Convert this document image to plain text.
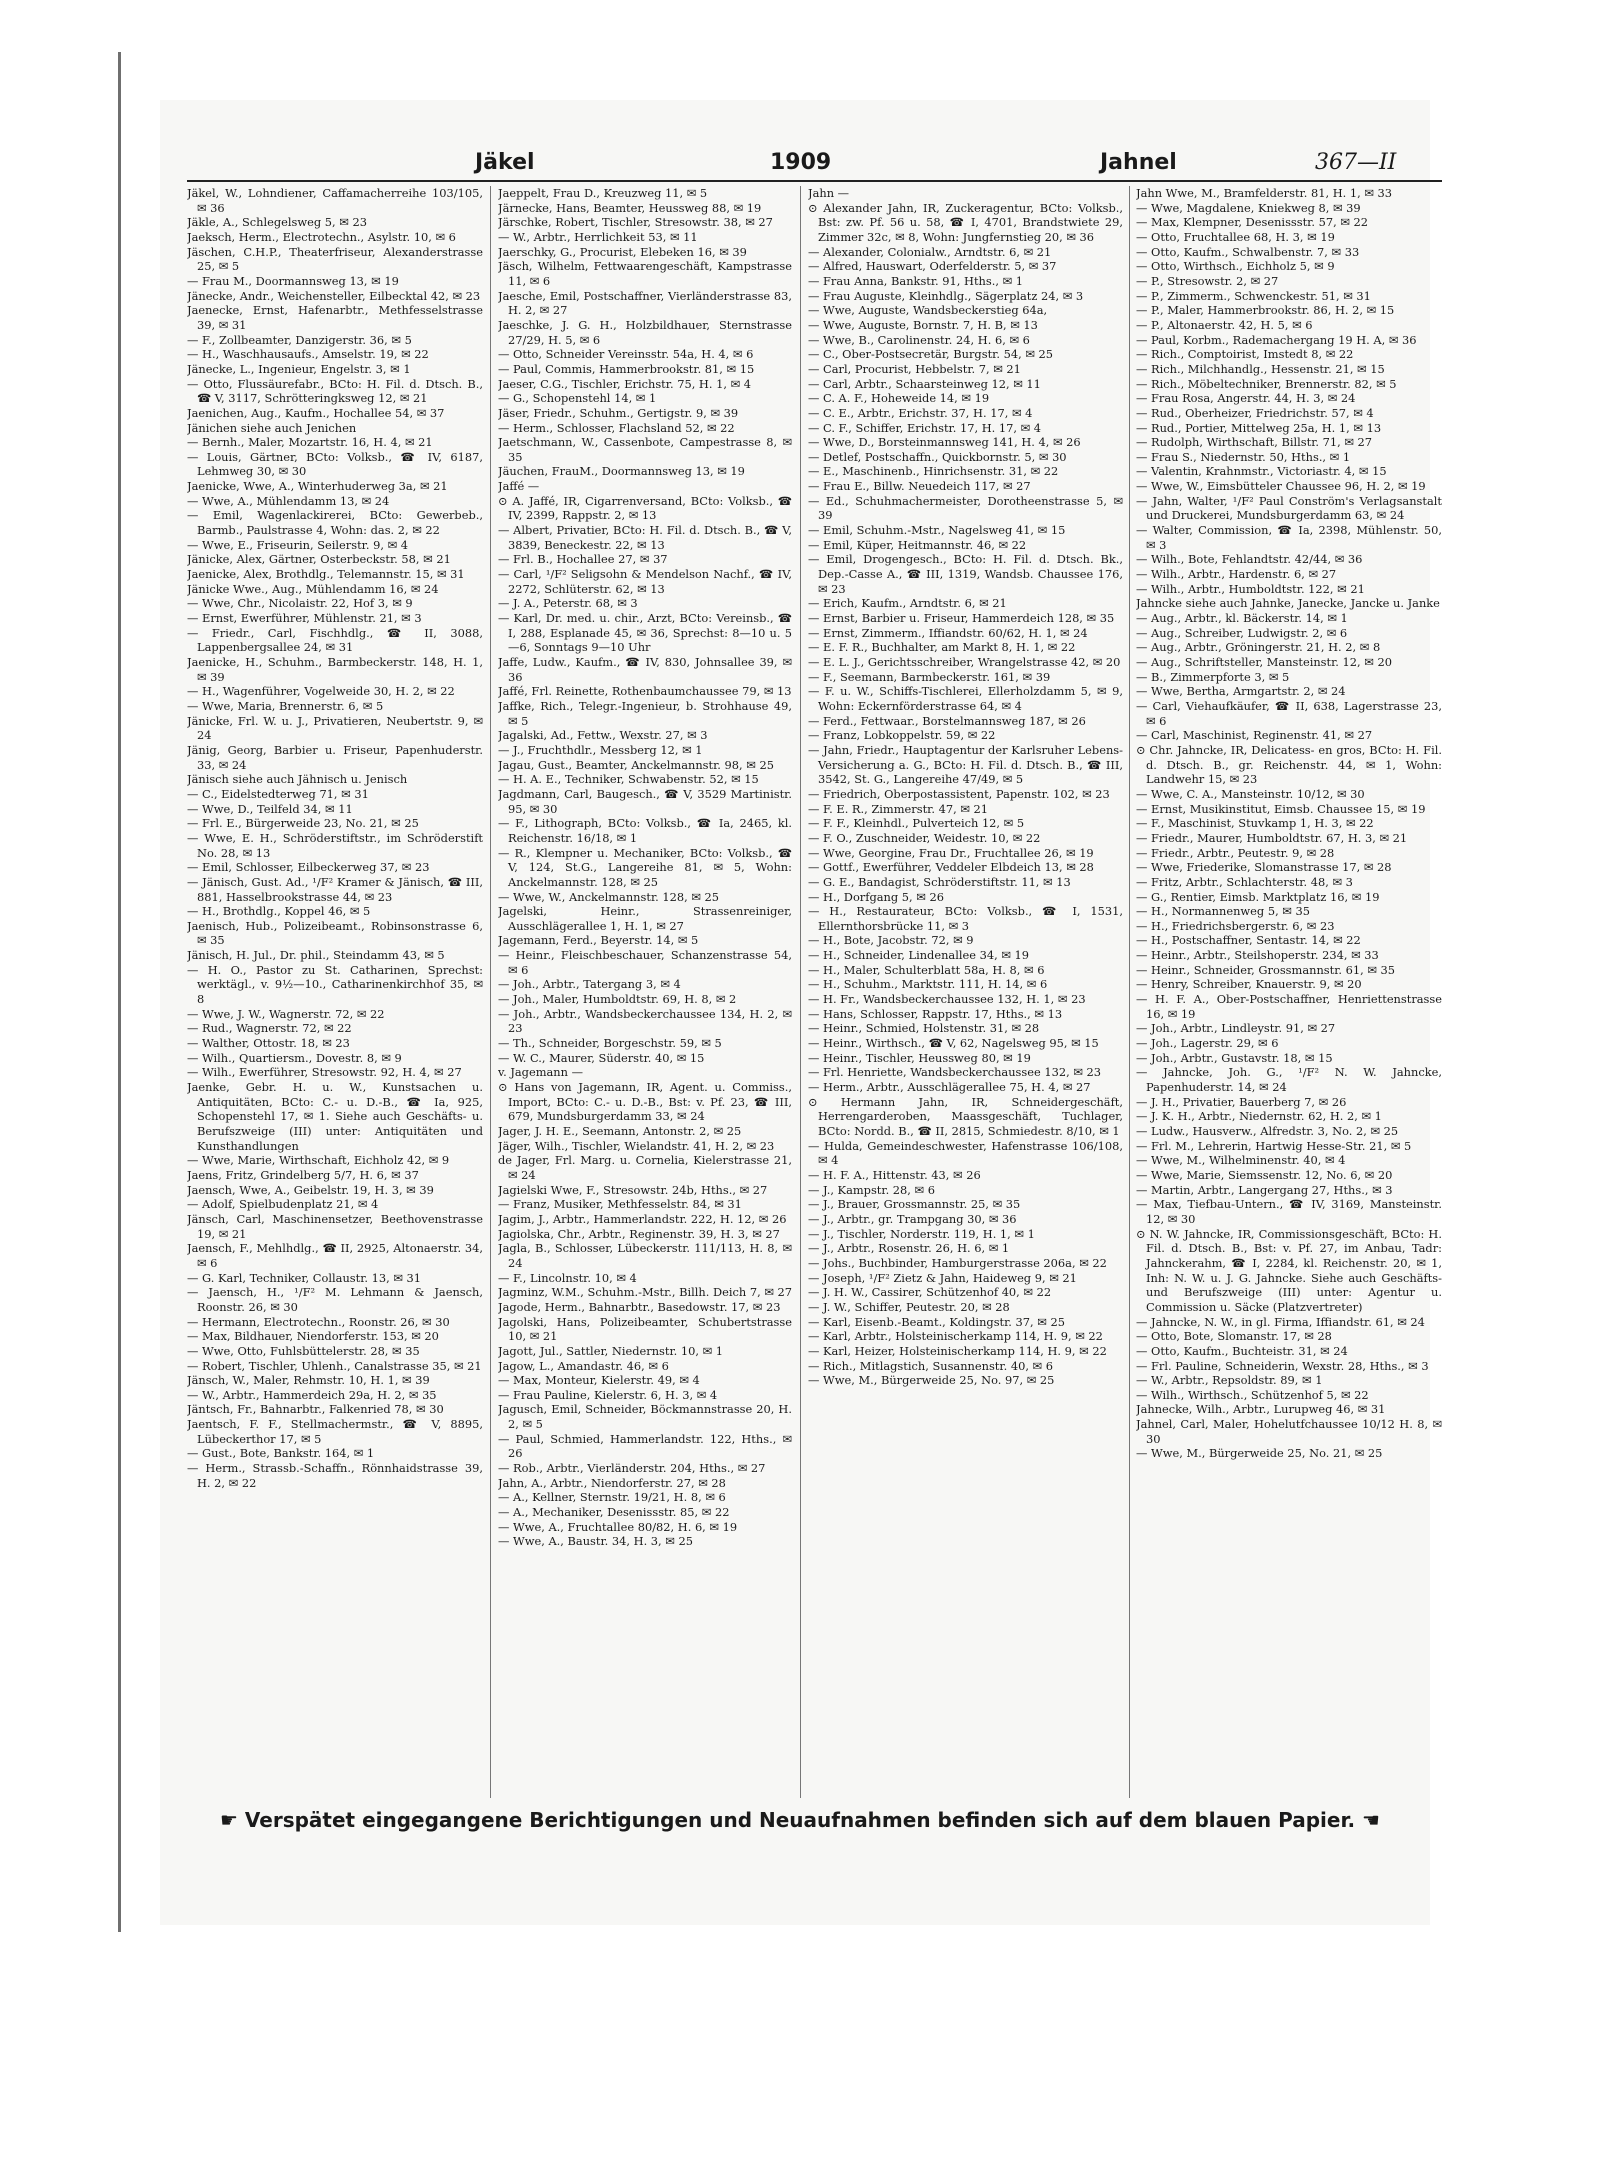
Jäkel	1909	Jahnel	367—II
Jäkel, W., Lohndiener, Caffamacherreihe 103/105, ✉ 36
Jäkle, A., Schlegelsweg 5, ✉ 23
Jaeksch, Herm., Electrotechn., Asylstr. 10, ✉ 6
Jäschen, C.H.P., Theaterfriseur, Alexanderstrasse 25, ✉ 5
— Frau M., Doormannsweg 13, ✉ 19
Jänecke, Andr., Weichensteller, Eilbecktal 42, ✉ 23
Jaenecke, Ernst, Hafenarbtr., Methfesselstrasse 39, ✉ 31
— F., Zollbeamter, Danzigerstr. 36, ✉ 5
— H., Waschhausaufs., Amselstr. 19, ✉ 22
Jänecke, L., Ingenieur, Engelstr. 3, ✉ 1
— Otto, Flussäurefabr., BCto: H. Fil. d. Dtsch. B., ☎ V, 3117, Schrötteringksweg 12, ✉ 21
Jaenichen, Aug., Kaufm., Hochallee 54, ✉ 37
Jänichen siehe auch Jenichen
— Bernh., Maler, Mozartstr. 16, H. 4, ✉ 21
— Louis, Gärtner, BCto: Volksb., ☎ IV, 6187, Lehmweg 30, ✉ 30
Jaenicke, Wwe, A., Winterhuderweg 3a, ✉ 21
— Wwe, A., Mühlendamm 13, ✉ 24
— Emil, Wagenlackirerei, BCto: Gewerbeb., Barmb., Paulstrasse 4, Wohn: das. 2, ✉ 22
— Wwe, E., Friseurin, Seilerstr. 9, ✉ 4
Jänicke, Alex, Gärtner, Osterbeckstr. 58, ✉ 21
Jaenicke, Alex, Brothdlg., Telemannstr. 15, ✉ 31
Jänicke Wwe., Aug., Mühlendamm 16, ✉ 24
— Wwe, Chr., Nicolaistr. 22, Hof 3, ✉ 9
— Ernst, Ewerführer, Mühlenstr. 21, ✉ 3
— Friedr., Carl, Fischhdlg., ☎ II, 3088, Lappenbergsallee 24, ✉ 31
Jaenicke, H., Schuhm., Barmbeckerstr. 148, H. 1, ✉ 39
— H., Wagenführer, Vogelweide 30, H. 2, ✉ 22
— Wwe, Maria, Brennerstr. 6, ✉ 5
Jänicke, Frl. W. u. J., Privatieren, Neubertstr. 9, ✉ 24
Jänig, Georg, Barbier u. Friseur, Papenhuderstr. 33, ✉ 24
Jänisch siehe auch Jähnisch u. Jenisch
— C., Eidelstedterweg 71, ✉ 31
— Wwe, D., Teilfeld 34, ✉ 11
— Frl. E., Bürgerweide 23, No. 21, ✉ 25
— Wwe, E. H., Schröderstiftstr., im Schröderstift No. 28, ✉ 13
— Emil, Schlosser, Eilbeckerweg 37, ✉ 23
— Jänisch, Gust. Ad., ¹/F² Kramer & Jänisch, ☎ III, 881, Hasselbrookstrasse 44, ✉ 23
— H., Brothdlg., Koppel 46, ✉ 5
Jaenisch, Hub., Polizeibeamt., Robinsonstrasse 6, ✉ 35
Jänisch, H. Jul., Dr. phil., Steindamm 43, ✉ 5
— H. O., Pastor zu St. Catharinen, Sprechst: werktägl., v. 9½—10., Catharinenkirchhof 35, ✉ 8
— Wwe, J. W., Wagnerstr. 72, ✉ 22
— Rud., Wagnerstr. 72, ✉ 22
— Walther, Ottostr. 18, ✉ 23
— Wilh., Quartiersm., Dovestr. 8, ✉ 9
— Wilh., Ewerführer, Stresowstr. 92, H. 4, ✉ 27
Jaenke, Gebr. H. u. W., Kunstsachen u. Antiquitäten, BCto: C.- u. D.-B., ☎ Ia, 925, Schopenstehl 17, ✉ 1. Siehe auch Geschäfts- u. Berufszweige (III) unter: Antiquitäten und Kunsthandlungen
— Wwe, Marie, Wirthschaft, Eichholz 42, ✉ 9
Jaens, Fritz, Grindelberg 5/7, H. 6, ✉ 37
Jaensch, Wwe, A., Geibelstr. 19, H. 3, ✉ 39
— Adolf, Spielbudenplatz 21, ✉ 4
Jänsch, Carl, Maschinensetzer, Beethovenstrasse 19, ✉ 21
Jaensch, F., Mehlhdlg., ☎ II, 2925, Altonaerstr. 34, ✉ 6
— G. Karl, Techniker, Collaustr. 13, ✉ 31
— Jaensch, H., ¹/F² M. Lehmann & Jaensch, Roonstr. 26, ✉ 30
— Hermann, Electrotechn., Roonstr. 26, ✉ 30
— Max, Bildhauer, Niendorferstr. 153, ✉ 20
— Wwe, Otto, Fuhlsbüttelerstr. 28, ✉ 35
— Robert, Tischler, Uhlenh., Canalstrasse 35, ✉ 21
Jänsch, W., Maler, Rehmstr. 10, H. 1, ✉ 39
— W., Arbtr., Hammerdeich 29a, H. 2, ✉ 35
Jäntsch, Fr., Bahnarbtr., Falkenried 78, ✉ 30
Jaentsch, F. F., Stellmachermstr., ☎ V, 8895, Lübeckerthor 17, ✉ 5
— Gust., Bote, Bankstr. 164, ✉ 1
— Herm., Strassb.-Schaffn., Rönnhaidstrasse 39, H. 2, ✉ 22
Jaeppelt, Frau D., Kreuzweg 11, ✉ 5
Järnecke, Hans, Beamter, Heussweg 88, ✉ 19
Järschke, Robert, Tischler, Stresowstr. 38, ✉ 27
— W., Arbtr., Herrlichkeit 53, ✉ 11
Jaerschky, G., Procurist, Elebeken 16, ✉ 39
Jäsch, Wilhelm, Fettwaarengeschäft, Kampstrasse 11, ✉ 6
Jaesche, Emil, Postschaffner, Vierländerstrasse 83, H. 2, ✉ 27
Jaeschke, J. G. H., Holzbildhauer, Sternstrasse 27/29, H. 5, ✉ 6
— Otto, Schneider Vereinsstr. 54a, H. 4, ✉ 6
— Paul, Commis, Hammerbrookstr. 81, ✉ 15
Jaeser, C.G., Tischler, Erichstr. 75, H. 1, ✉ 4
— G., Schopenstehl 14, ✉ 1
Jäser, Friedr., Schuhm., Gertigstr. 9, ✉ 39
— Herm., Schlosser, Flachsland 52, ✉ 22
Jaetschmann, W., Cassenbote, Campestrasse 8, ✉ 35
Jäuchen, FrauM., Doormannsweg 13, ✉ 19
Jaffé —
⊙ A. Jaffé, IR, Cigarrenversand, BCto: Volksb., ☎ IV, 2399, Rappstr. 2, ✉ 13
— Albert, Privatier, BCto: H. Fil. d. Dtsch. B., ☎ V, 3839, Beneckestr. 22, ✉ 13
— Frl. B., Hochallee 27, ✉ 37
— Carl, ¹/F² Seligsohn & Mendelson Nachf., ☎ IV, 2272, Schlüterstr. 62, ✉ 13
— J. A., Peterstr. 68, ✉ 3
— Karl, Dr. med. u. chir., Arzt, BCto: Vereinsb., ☎ I, 288, Esplanade 45, ✉ 36, Sprechst: 8—10 u. 5—6, Sonntags 9—10 Uhr
Jaffe, Ludw., Kaufm., ☎ IV, 830, Johnsallee 39, ✉ 36
Jaffé, Frl. Reinette, Rothenbaumchaussee 79, ✉ 13
Jaffke, Rich., Telegr.-Ingenieur, b. Strohhause 49, ✉ 5
Jagalski, Ad., Fettw., Wexstr. 27, ✉ 3
— J., Fruchthdlr., Messberg 12, ✉ 1
Jagau, Gust., Beamter, Anckelmannstr. 98, ✉ 25
— H. A. E., Techniker, Schwabenstr. 52, ✉ 15
Jagdmann, Carl, Baugesch., ☎ V, 3529 Martinistr. 95, ✉ 30
— F., Lithograph, BCto: Volksb., ☎ Ia, 2465, kl. Reichenstr. 16/18, ✉ 1
— R., Klempner u. Mechaniker, BCto: Volksb., ☎ V, 124, St.G., Langereihe 81, ✉ 5, Wohn: Anckelmannstr. 128, ✉ 25
— Wwe, W., Anckelmannstr. 128, ✉ 25
Jagelski, Heinr., Strassenreiniger, Ausschlägerallee 1, H. 1, ✉ 27
Jagemann, Ferd., Beyerstr. 14, ✉ 5
— Heinr., Fleischbeschauer, Schanzenstrasse 54, ✉ 6
— Joh., Arbtr., Tatergang 3, ✉ 4
— Joh., Maler, Humboldtstr. 69, H. 8, ✉ 2
— Joh., Arbtr., Wandsbeckerchaussee 134, H. 2, ✉ 23
— Th., Schneider, Borgeschstr. 59, ✉ 5
— W. C., Maurer, Süderstr. 40, ✉ 15
v. Jagemann —
⊙ Hans von Jagemann, IR, Agent. u. Commiss., Import, BCto: C.- u. D.-B., Bst: v. Pf. 23, ☎ III, 679, Mundsburgerdamm 33, ✉ 24
Jager, J. H. E., Seemann, Antonstr. 2, ✉ 25
Jäger, Wilh., Tischler, Wielandstr. 41, H. 2, ✉ 23
de Jager, Frl. Marg. u. Cornelia, Kielerstrasse 21, ✉ 24
Jagielski Wwe, F., Stresowstr. 24b, Hths., ✉ 27
— Franz, Musiker, Methfesselstr. 84, ✉ 31
Jagim, J., Arbtr., Hammerlandstr. 222, H. 12, ✉ 26
Jagiolska, Chr., Arbtr., Reginenstr. 39, H. 3, ✉ 27
Jagla, B., Schlosser, Lübeckerstr. 111/113, H. 8, ✉ 24
— F., Lincolnstr. 10, ✉ 4
Jagminz, W.M., Schuhm.-Mstr., Billh. Deich 7, ✉ 27
Jagode, Herm., Bahnarbtr., Basedowstr. 17, ✉ 23
Jagolski, Hans, Polizeibeamter, Schubertstrasse 10, ✉ 21
Jagott, Jul., Sattler, Niedernstr. 10, ✉ 1
Jagow, L., Amandastr. 46, ✉ 6
— Max, Monteur, Kielerstr. 49, ✉ 4
— Frau Pauline, Kielerstr. 6, H. 3, ✉ 4
Jagusch, Emil, Schneider, Böckmannstrasse 20, H. 2, ✉ 5
— Paul, Schmied, Hammerlandstr. 122, Hths., ✉ 26
— Rob., Arbtr., Vierländerstr. 204, Hths., ✉ 27
Jahn, A., Arbtr., Niendorferstr. 27, ✉ 28
— A., Kellner, Sternstr. 19/21, H. 8, ✉ 6
— A., Mechaniker, Desenissstr. 85, ✉ 22
— Wwe, A., Fruchtallee 80/82, H. 6, ✉ 19
— Wwe, A., Baustr. 34, H. 3, ✉ 25
Jahn —
⊙ Alexander Jahn, IR, Zuckeragentur, BCto: Volksb., Bst: zw. Pf. 56 u. 58, ☎ I, 4701, Brandstwiete 29, Zimmer 32c, ✉ 8, Wohn: Jungfernstieg 20, ✉ 36
— Alexander, Colonialw., Arndtstr. 6, ✉ 21
— Alfred, Hauswart, Oderfelderstr. 5, ✉ 37
— Frau Anna, Bankstr. 91, Hths., ✉ 1
— Frau Auguste, Kleinhdlg., Sägerplatz 24, ✉ 3
— Wwe, Auguste, Wandsbeckerstieg 64a,
— Wwe, Auguste, Bornstr. 7, H. B, ✉ 13
— Wwe, B., Carolinenstr. 24, H. 6, ✉ 6
— C., Ober-Postsecretär, Burgstr. 54, ✉ 25
— Carl, Procurist, Hebbelstr. 7, ✉ 21
— Carl, Arbtr., Schaarsteinweg 12, ✉ 11
— C. A. F., Hoheweide 14, ✉ 19
— C. E., Arbtr., Erichstr. 37, H. 17, ✉ 4
— C. F., Schiffer, Erichstr. 17, H. 17, ✉ 4
— Wwe, D., Borsteinmannsweg 141, H. 4, ✉ 26
— Detlef, Postschaffn., Quickbornstr. 5, ✉ 30
— E., Maschinenb., Hinrichsenstr. 31, ✉ 22
— Frau E., Billw. Neuedeich 117, ✉ 27
— Ed., Schuhmachermeister, Dorotheenstrasse 5, ✉ 39
— Emil, Schuhm.-Mstr., Nagelsweg 41, ✉ 15
— Emil, Küper, Heitmannstr. 46, ✉ 22
— Emil, Drogengesch., BCto: H. Fil. d. Dtsch. Bk., Dep.-Casse A., ☎ III, 1319, Wandsb. Chaussee 176, ✉ 23
— Erich, Kaufm., Arndtstr. 6, ✉ 21
— Ernst, Barbier u. Friseur, Hammerdeich 128, ✉ 35
— Ernst, Zimmerm., Iffiandstr. 60/62, H. 1, ✉ 24
— E. F. R., Buchhalter, am Markt 8, H. 1, ✉ 22
— E. L. J., Gerichtsschreiber, Wrangelstrasse 42, ✉ 20
— F., Seemann, Barmbeckerstr. 161, ✉ 39
— F. u. W., Schiffs-Tischlerei, Ellerholzdamm 5, ✉ 9, Wohn: Eckernförderstrasse 64, ✉ 4
— Ferd., Fettwaar., Borstelmannsweg 187, ✉ 26
— Franz, Lobkoppelstr. 59, ✉ 22
— Jahn, Friedr., Hauptagentur der Karlsruher Lebens-Versicherung a. G., BCto: H. Fil. d. Dtsch. B., ☎ III, 3542, St. G., Langereihe 47/49, ✉ 5
— Friedrich, Oberpostassistent, Papenstr. 102, ✉ 23
— F. E. R., Zimmerstr. 47, ✉ 21
— F. F., Kleinhdl., Pulverteich 12, ✉ 5
— F. O., Zuschneider, Weidestr. 10, ✉ 22
— Wwe, Georgine, Frau Dr., Fruchtallee 26, ✉ 19
— Gottf., Ewerführer, Veddeler Elbdeich 13, ✉ 28
— G. E., Bandagist, Schröderstiftstr. 11, ✉ 13
— H., Dorfgang 5, ✉ 26
— H., Restaurateur, BCto: Volksb., ☎ I, 1531, Ellernthorsbrücke 11, ✉ 3
— H., Bote, Jacobstr. 72, ✉ 9
— H., Schneider, Lindenallee 34, ✉ 19
— H., Maler, Schulterblatt 58a, H. 8, ✉ 6
— H., Schuhm., Marktstr. 111, H. 14, ✉ 6
— H. Fr., Wandsbeckerchaussee 132, H. 1, ✉ 23
— Hans, Schlosser, Rappstr. 17, Hths., ✉ 13
— Heinr., Schmied, Holstenstr. 31, ✉ 28
— Heinr., Wirthsch., ☎ V, 62, Nagelsweg 95, ✉ 15
— Heinr., Tischler, Heussweg 80, ✉ 19
— Frl. Henriette, Wandsbeckerchaussee 132, ✉ 23
— Herm., Arbtr., Ausschlägerallee 75, H. 4, ✉ 27
⊙ Hermann Jahn, IR, Schneidergeschäft, Herrengarderoben, Maassgeschäft, Tuchlager, BCto: Nordd. B., ☎ II, 2815, Schmiedestr. 8/10, ✉ 1
— Hulda, Gemeindeschwester, Hafenstrasse 106/108, ✉ 4
— H. F. A., Hittenstr. 43, ✉ 26
— J., Kampstr. 28, ✉ 6
— J., Brauer, Grossmannstr. 25, ✉ 35
— J., Arbtr., gr. Trampgang 30, ✉ 36
— J., Tischler, Norderstr. 119, H. 1, ✉ 1
— J., Arbtr., Rosenstr. 26, H. 6, ✉ 1
— Johs., Buchbinder, Hamburgerstrasse 206a, ✉ 22
— Joseph, ¹/F² Zietz & Jahn, Haideweg 9, ✉ 21
— J. H. W., Cassirer, Schützenhof 40, ✉ 22
— J. W., Schiffer, Peutestr. 20, ✉ 28
— Karl, Eisenb.-Beamt., Koldingstr. 37, ✉ 25
— Karl, Arbtr., Holsteinischerkamp 114, H. 9, ✉ 22
— Karl, Heizer, Holsteinischerkamp 114, H. 9, ✉ 22
— Rich., Mitlagstich, Susannenstr. 40, ✉ 6
— Wwe, M., Bürgerweide 25, No. 97, ✉ 25
Jahn Wwe, M., Bramfelderstr. 81, H. 1, ✉ 33
— Wwe, Magdalene, Kniekweg 8, ✉ 39
— Max, Klempner, Desenissstr. 57, ✉ 22
— Otto, Fruchtallee 68, H. 3, ✉ 19
— Otto, Kaufm., Schwalbenstr. 7, ✉ 33
— Otto, Wirthsch., Eichholz 5, ✉ 9
— P., Stresowstr. 2, ✉ 27
— P., Zimmerm., Schwenckestr. 51, ✉ 31
— P., Maler, Hammerbrookstr. 86, H. 2, ✉ 15
— P., Altonaerstr. 42, H. 5, ✉ 6
— Paul, Korbm., Rademachergang 19 H. A, ✉ 36
— Rich., Comptoirist, Imstedt 8, ✉ 22
— Rich., Milchhandlg., Hessenstr. 21, ✉ 15
— Rich., Möbeltechniker, Brennerstr. 82, ✉ 5
— Frau Rosa, Angerstr. 44, H. 3, ✉ 24
— Rud., Oberheizer, Friedrichstr. 57, ✉ 4
— Rud., Portier, Mittelweg 25a, H. 1, ✉ 13
— Rudolph, Wirthschaft, Billstr. 71, ✉ 27
— Frau S., Niedernstr. 50, Hths., ✉ 1
— Valentin, Krahnmstr., Victoriastr. 4, ✉ 15
— Wwe, W., Eimsbütteler Chaussee 96, H. 2, ✉ 19
— Jahn, Walter, ¹/F² Paul Conström's Verlagsanstalt und Druckerei, Mundsburgerdamm 63, ✉ 24
— Walter, Commission, ☎ Ia, 2398, Mühlenstr. 50, ✉ 3
— Wilh., Bote, Fehlandtstr. 42/44, ✉ 36
— Wilh., Arbtr., Hardenstr. 6, ✉ 27
— Wilh., Arbtr., Humboldtstr. 122, ✉ 21
Jahncke siehe auch Jahnke, Janecke, Jancke u. Janke
— Aug., Arbtr., kl. Bäckerstr. 14, ✉ 1
— Aug., Schreiber, Ludwigstr. 2, ✉ 6
— Aug., Arbtr., Gröningerstr. 21, H. 2, ✉ 8
— Aug., Schriftsteller, Mansteinstr. 12, ✉ 20
— B., Zimmerpforte 3, ✉ 5
— Wwe, Bertha, Armgartstr. 2, ✉ 24
— Carl, Viehaufkäufer, ☎ II, 638, Lagerstrasse 23, ✉ 6
— Carl, Maschinist, Reginenstr. 41, ✉ 27
⊙ Chr. Jahncke, IR, Delicatess- en gros, BCto: H. Fil. d. Dtsch. B., gr. Reichenstr. 44, ✉ 1, Wohn: Landwehr 15, ✉ 23
— Wwe, C. A., Mansteinstr. 10/12, ✉ 30
— Ernst, Musikinstitut, Eimsb. Chaussee 15, ✉ 19
— F., Maschinist, Stuvkamp 1, H. 3, ✉ 22
— Friedr., Maurer, Humboldtstr. 67, H. 3, ✉ 21
— Friedr., Arbtr., Peutestr. 9, ✉ 28
— Wwe, Friederike, Slomanstrasse 17, ✉ 28
— Fritz, Arbtr., Schlachterstr. 48, ✉ 3
— G., Rentier, Eimsb. Marktplatz 16, ✉ 19
— H., Normannenweg 5, ✉ 35
— H., Friedrichsbergerstr. 6, ✉ 23
— H., Postschaffner, Sentastr. 14, ✉ 22
— Heinr., Arbtr., Steilshoperstr. 234, ✉ 33
— Heinr., Schneider, Grossmannstr. 61, ✉ 35
— Henry, Schreiber, Knauerstr. 9, ✉ 20
— H. F. A., Ober-Postschaffner, Henriettenstrasse 16, ✉ 19
— Joh., Arbtr., Lindleystr. 91, ✉ 27
— Joh., Lagerstr. 29, ✉ 6
— Joh., Arbtr., Gustavstr. 18, ✉ 15
— Jahncke, Joh. G., ¹/F² N. W. Jahncke, Papenhuderstr. 14, ✉ 24
— J. H., Privatier, Bauerberg 7, ✉ 26
— J. K. H., Arbtr., Niedernstr. 62, H. 2, ✉ 1
— Ludw., Hausverw., Alfredstr. 3, No. 2, ✉ 25
— Frl. M., Lehrerin, Hartwig Hesse-Str. 21, ✉ 5
— Wwe, M., Wilhelminenstr. 40, ✉ 4
— Wwe, Marie, Siemssenstr. 12, No. 6, ✉ 20
— Martin, Arbtr., Langergang 27, Hths., ✉ 3
— Max, Tiefbau-Untern., ☎ IV, 3169, Mansteinstr. 12, ✉ 30
⊙ N. W. Jahncke, IR, Commissionsgeschäft, BCto: H. Fil. d. Dtsch. B., Bst: v. Pf. 27, im Anbau, Tadr: Jahnckerahm, ☎ I, 2284, kl. Reichenstr. 20, ✉ 1, Inh: N. W. u. J. G. Jahncke. Siehe auch Geschäfts- und Berufszweige (III) unter: Agentur u. Commission u. Säcke (Platzvertreter)
— Jahncke, N. W., in gl. Firma, Iffiandstr. 61, ✉ 24
— Otto, Bote, Slomanstr. 17, ✉ 28
— Otto, Kaufm., Buchteistr. 31, ✉ 24
— Frl. Pauline, Schneiderin, Wexstr. 28, Hths., ✉ 3
— W., Arbtr., Repsoldstr. 89, ✉ 1
— Wilh., Wirthsch., Schützenhof 5, ✉ 22
Jahnecke, Wilh., Arbtr., Lurupweg 46, ✉ 31
Jahnel, Carl, Maler, Hohelutfchaussee 10/12 H. 8, ✉ 30
— Wwe, M., Bürgerweide 25, No. 21, ✉ 25
☛ Verspätet eingegangene Berichtigungen und Neuaufnahmen befinden sich auf dem blauen Papier. ☚
